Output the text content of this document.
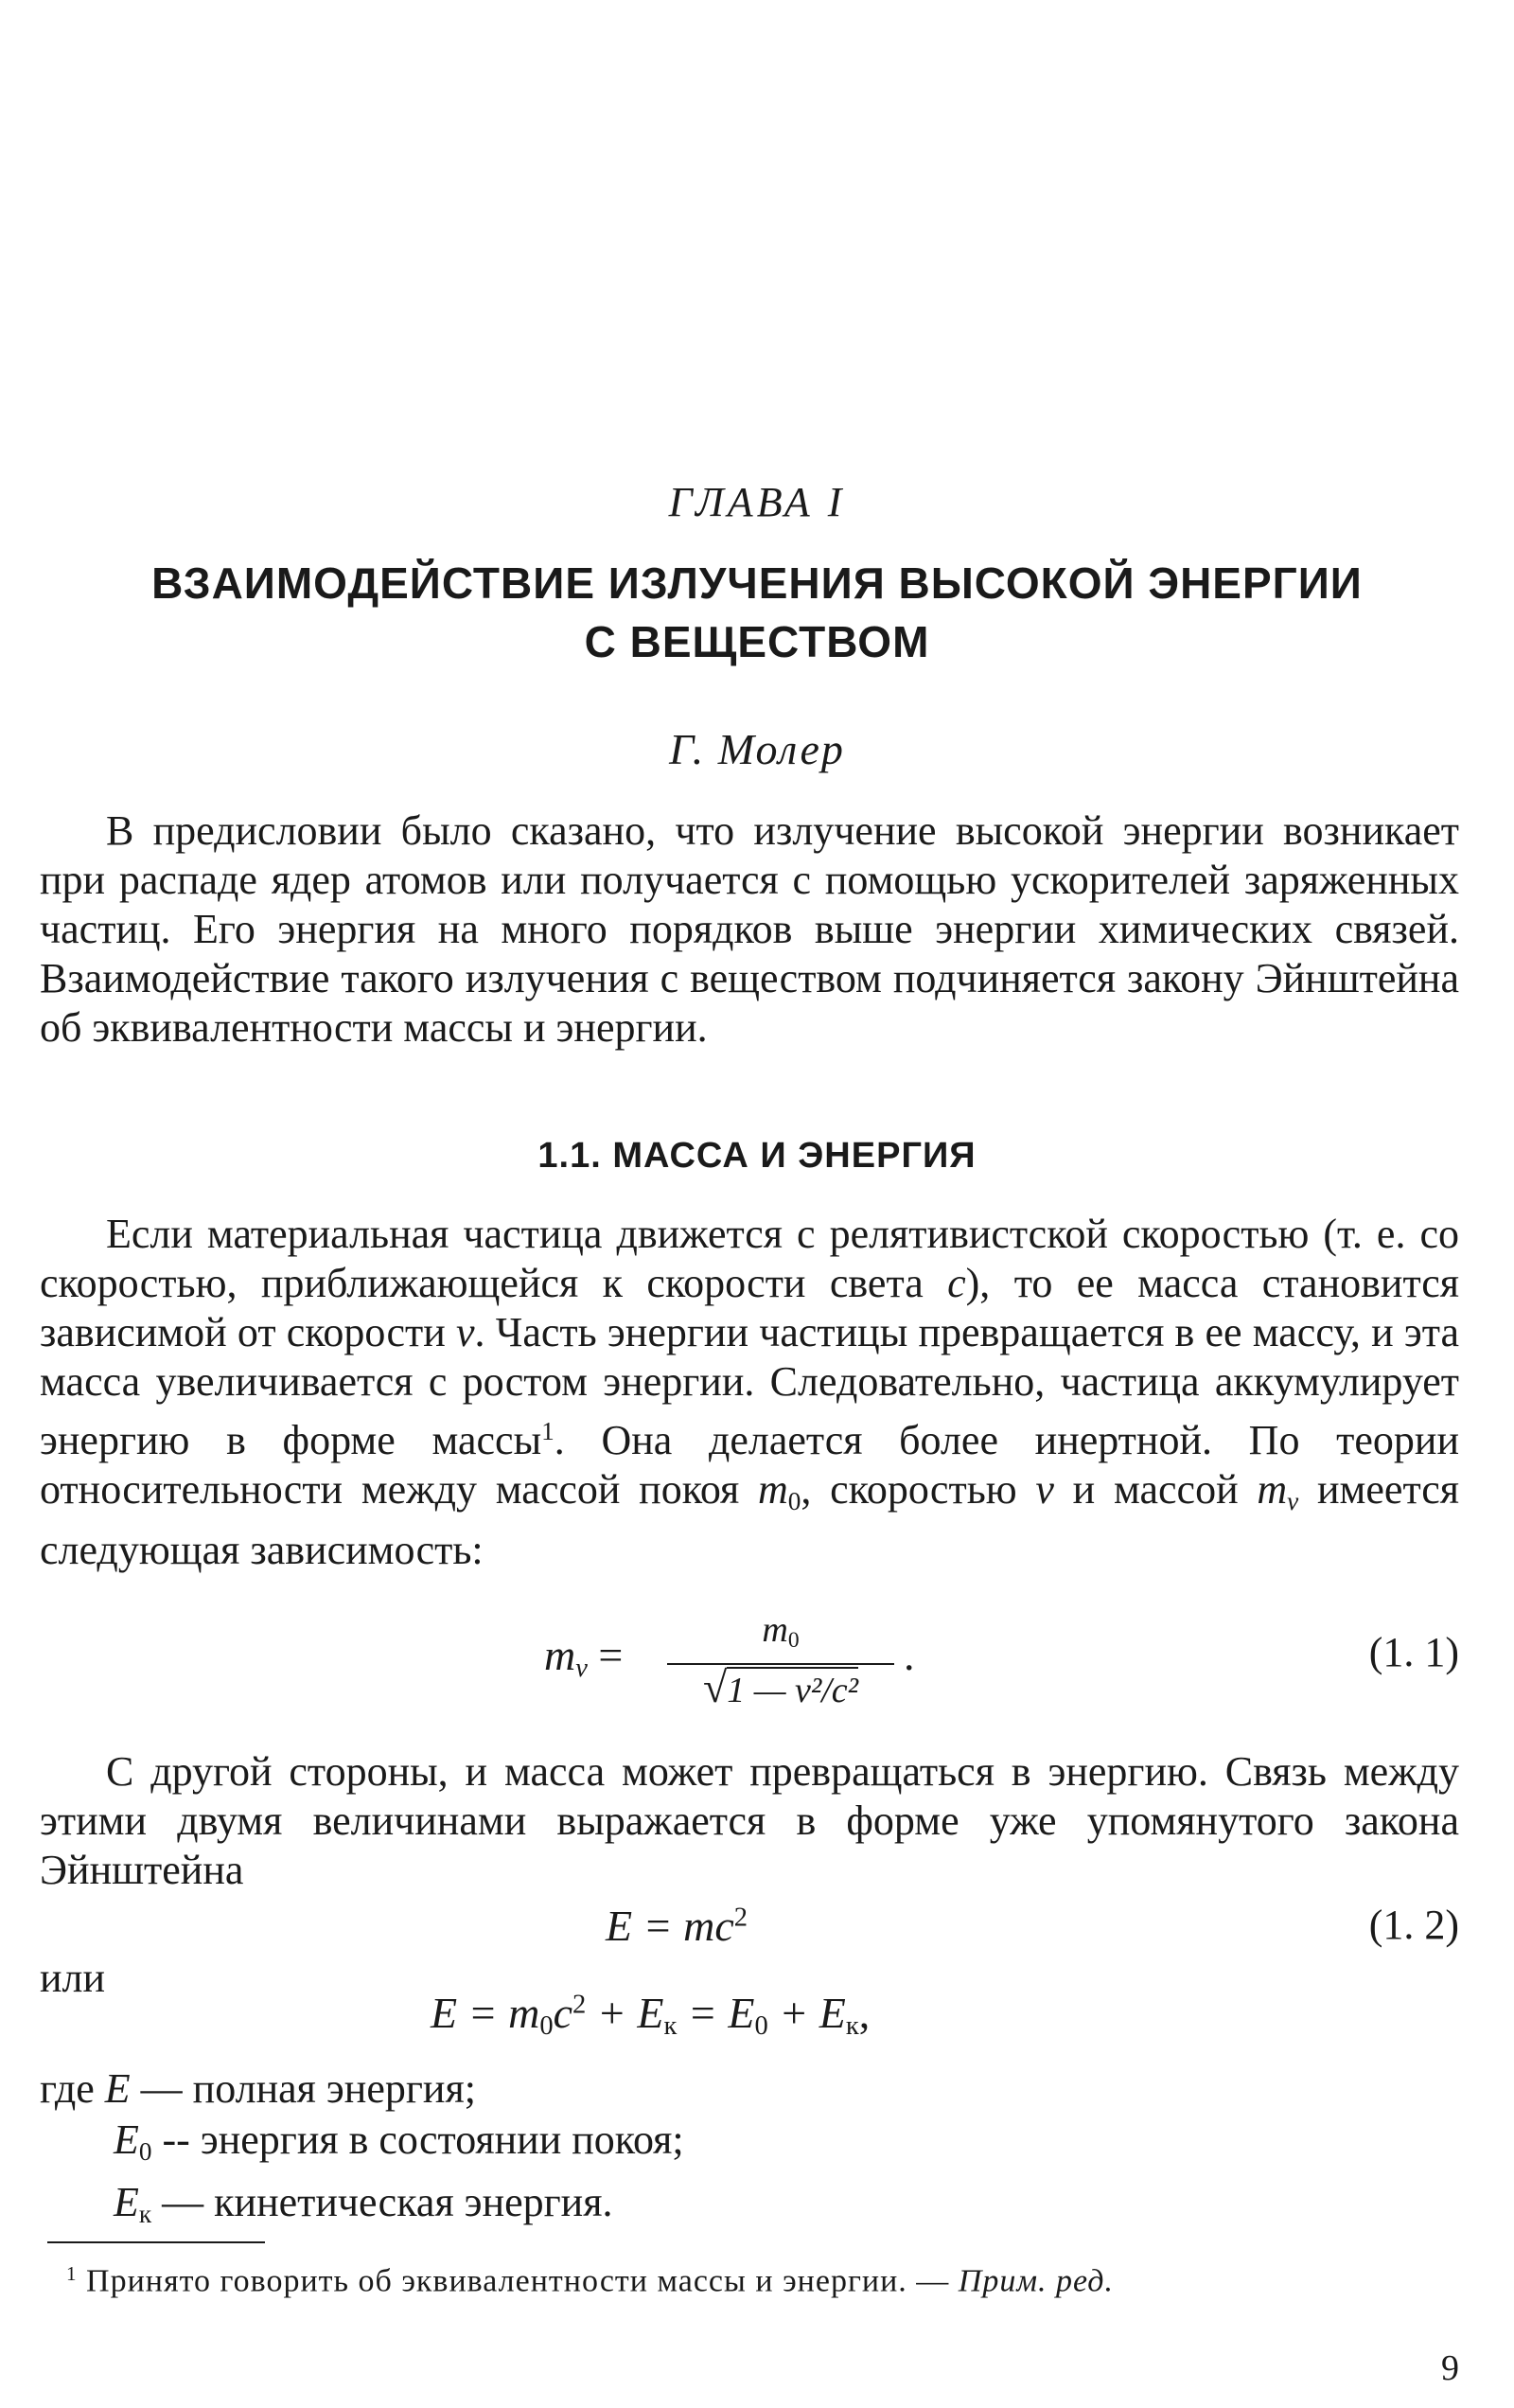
ГЛАВА I
ВЗАИМОДЕЙСТВИЕ ИЗЛУЧЕНИЯ ВЫСОКОЙ ЭНЕРГИИ
С ВЕЩЕСТВОМ
Г. Молер
В предисловии было сказано, что излучение высокой энергии возникает при распаде ядер атомов или получается с помощью ускорителей заряженных частиц. Его энергия на много порядков выше энергии химических связей. Взаимодействие такого излучения с веществом подчиняется закону Эйнштейна об эквивалентности массы и энергии.
1.1. МАССА И ЭНЕРГИЯ
Если материальная частица движется с релятивистской скоростью (т. е. со скоростью, приближающейся к скорости света c), то ее масса становится зависимой от скорости v. Часть энергии частицы превращается в ее массу, и эта масса увеличивается с ростом энергии. Следовательно, частица аккумулирует энергию в форме массы$^1$. Она делается более инертной. По теории относительности между массой покоя $m_0$, скоростью v и массой $m_v$ имеется следующая зависимость:
$m_v$ =
$m_0$
√1 — v²/c²
.	(1. 1)
С другой стороны, и масса может превращаться в энергию. Связь между этими двумя величинами выражается в форме уже упомянутого закона Эйнштейна
$E = mc^2$	(1. 2)
или
$E = m_0c^2 + E_к = E_0 + E_к$,
где E — полная энергия;
$E_0$ -- энергия в состоянии покоя;
$E_к$ — кинетическая энергия.
$^1$ Принято говорить об эквивалентности массы и энергии. — Прим. ред.
9
